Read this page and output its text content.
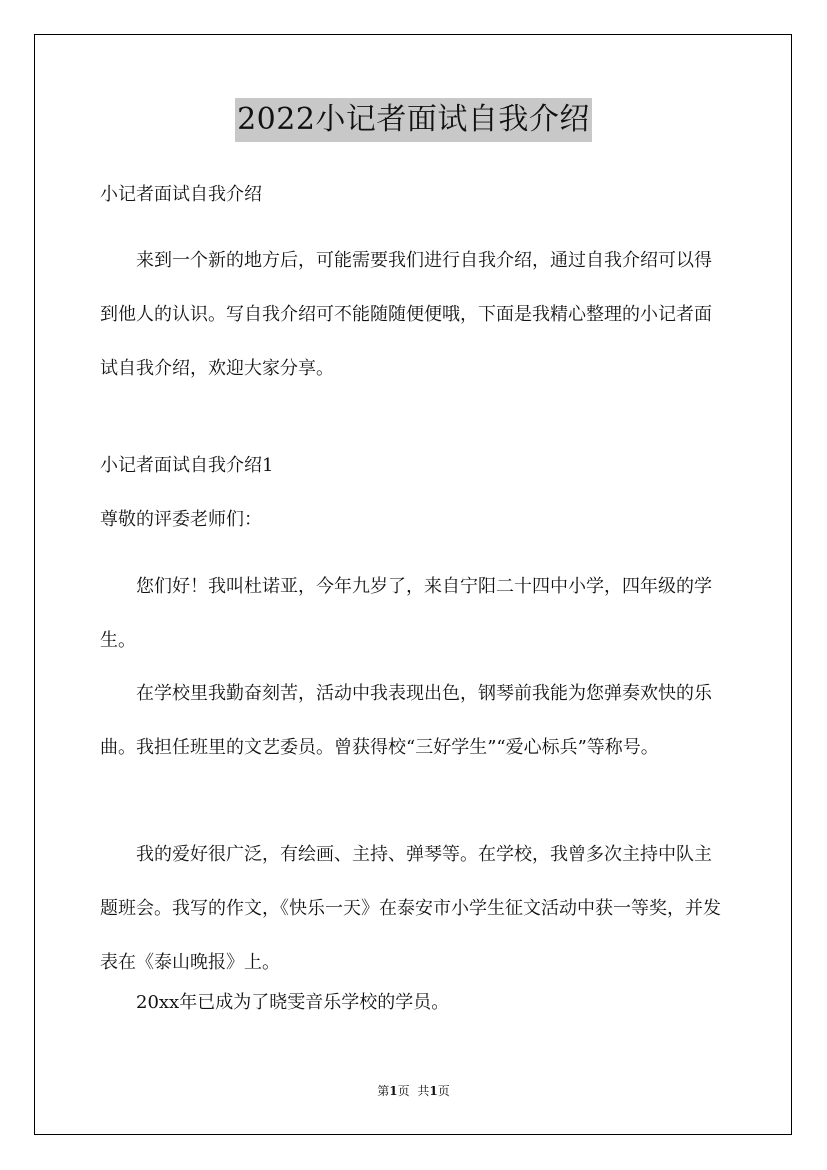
2022小记者面试自我介绍

小记者面试自我介绍

来到一个新的地方后，可能需要我们进行自我介绍，通过自我介绍可以得到他人的认识。写自我介绍可不能随随便便哦，下面是我精心整理的小记者面试自我介绍，欢迎大家分享。

小记者面试自我介绍1

尊敬的评委老师们：

您们好！我叫杜诺亚，今年九岁了，来自宁阳二十四中小学，四年级的学生。

在学校里我勤奋刻苦，活动中我表现出色，钢琴前我能为您弹奏欢快的乐曲。我担任班里的文艺委员。曾获得校“三好学生”“爱心标兵”等称号。

我的爱好很广泛，有绘画、主持、弹琴等。在学校，我曾多次主持中队主题班会。我写的作文，《快乐一天》在泰安市小学生征文活动中获一等奖，并发表在《泰山晚报》上。

20xx年已成为了晓雯音乐学校的学员。

第1页 共1页
